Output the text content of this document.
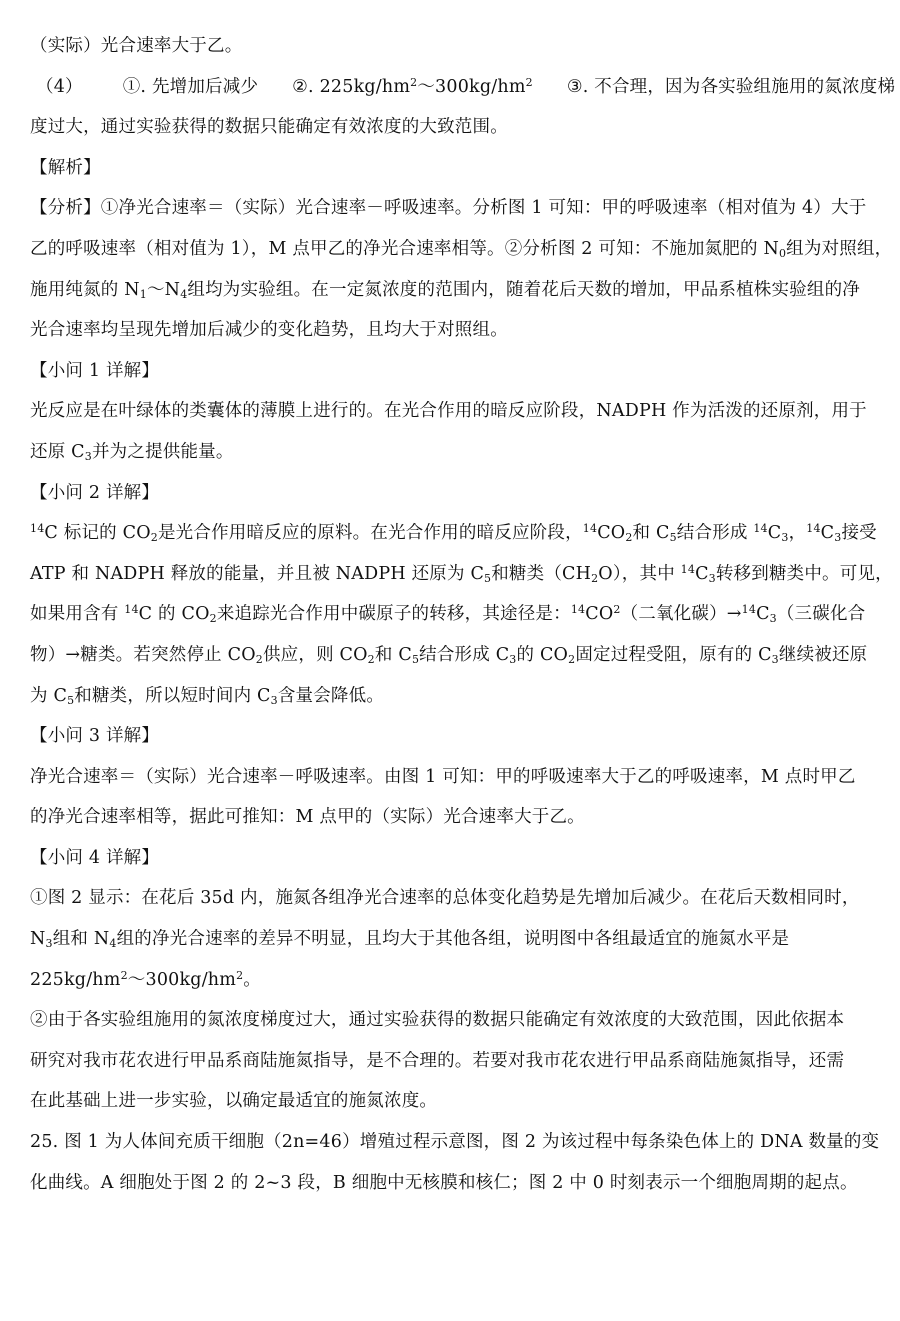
（实际）光合速率大于乙。
（4） ①. 先增加后减少 ②. $225kg/hm^2\sim 300kg/hm^2$ ③. 不合理，因为各实验组施用的氮浓度梯
度过大，通过实验获得的数据只能确定有效浓度的大致范围。
【解析】
【分析】①净光合速率＝（实际）光合速率－呼吸速率。分析图 1 可知：甲的呼吸速率（相对值为 4）大于
乙的呼吸速率（相对值为 1），M 点甲乙的净光合速率相等。②分析图 2 可知：不施加氮肥的 $N_0$组为对照组，
施用纯氮的 $N_1\sim N_4$组均为实验组。在一定氮浓度的范围内，随着花后天数的增加，甲品系植株实验组的净
光合速率均呈现先增加后减少的变化趋势，且均大于对照组。
【小问 1 详解】
光反应是在叶绿体的类囊体的薄膜上进行的。在光合作用的暗反应阶段，NADPH 作为活泼的还原剂，用于
还原 $C_3$并为之提供能量。
【小问 2 详解】
$^{14}$C 标记的 $CO_2$是光合作用暗反应的原料。在光合作用的暗反应阶段，$^{14}CO_2$和 $C_5$结合形成 $^{14}C_3$，$^{14}C_3$接受
ATP 和 NADPH 释放的能量，并且被 NADPH 还原为 $C_5$和糖类$(CH_2O)$，其中 $^{14}C_3$转移到糖类中。可见，
如果用含有 $^{14}$C 的 $CO_2$来追踪光合作用中碳原子的转移，其途径是：$^{14}CO^2$（二氧化碳）$\to^{14}C_3$（三碳化合
物）→糖类。若突然停止 $CO_2$供应，则 $CO_2$和 $C_5$结合形成 $C_3$的 $CO_2$固定过程受阻，原有的 $C_3$继续被还原
为 $C_5$和糖类，所以短时间内 $C_3$含量会降低。
【小问 3 详解】
净光合速率＝（实际）光合速率－呼吸速率。由图 1 可知：甲的呼吸速率大于乙的呼吸速率，M 点时甲乙
的净光合速率相等，据此可推知：M 点甲的（实际）光合速率大于乙。
【小问 4 详解】
①图 2 显示：在花后 35d 内，施氮各组净光合速率的总体变化趋势是先增加后减少。在花后天数相同时，
$N_3$组和 $N_4$组的净光合速率的差异不明显，且均大于其他各组，说明图中各组最适宜的施氮水平是
$225kg/hm^2\sim 300kg/hm^2$。
②由于各实验组施用的氮浓度梯度过大，通过实验获得的数据只能确定有效浓度的大致范围，因此依据本
研究对我市花农进行甲品系商陆施氮指导，是不合理的。若要对我市花农进行甲品系商陆施氮指导，还需
在此基础上进一步实验，以确定最适宜的施氮浓度。
25. 图 1 为人体间充质干细胞（2n=46）增殖过程示意图，图 2 为该过程中每条染色体上的 DNA 数量的变
化曲线。A 细胞处于图 2 的 2~3 段，B 细胞中无核膜和核仁；图 2 中 0 时刻表示一个细胞周期的起点。
